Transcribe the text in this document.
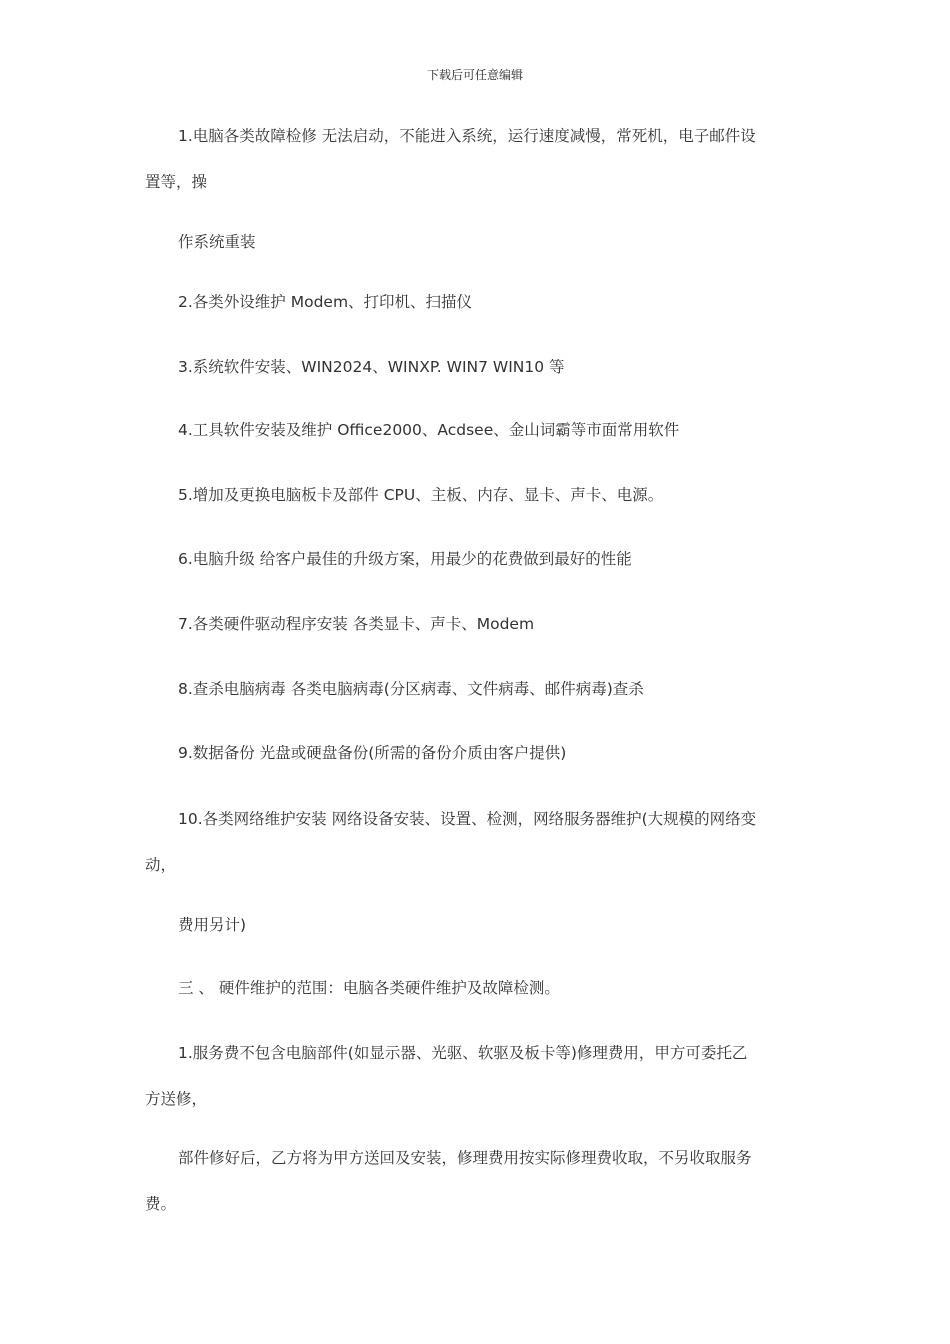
下载后可任意编辑
1.电脑各类故障检修 无法启动，不能进入系统，运行速度减慢，常死机，电子邮件设
置等，操
作系统重装
2.各类外设维护 Modem、打印机、扫描仪
3.系统软件安装、WIN2024、WINXP. WIN7 WIN10 等
4.工具软件安装及维护 Office2000、Acdsee、金山词霸等市面常用软件
5.增加及更换电脑板卡及部件 CPU、主板、内存、显卡、声卡、电源。
6.电脑升级 给客户最佳的升级方案，用最少的花费做到最好的性能
7.各类硬件驱动程序安装 各类显卡、声卡、Modem
8.查杀电脑病毒 各类电脑病毒(分区病毒、文件病毒、邮件病毒)查杀
9.数据备份 光盘或硬盘备份(所需的备份介质由客户提供)
10.各类网络维护安装 网络设备安装、设置、检测，网络服务器维护(大规模的网络变
动，
费用另计)
三 、 硬件维护的范围：电脑各类硬件维护及故障检测。
1.服务费不包含电脑部件(如显示器、光驱、软驱及板卡等)修理费用，甲方可委托乙
方送修，
部件修好后，乙方将为甲方送回及安装，修理费用按实际修理费收取，不另收取服务
费。
